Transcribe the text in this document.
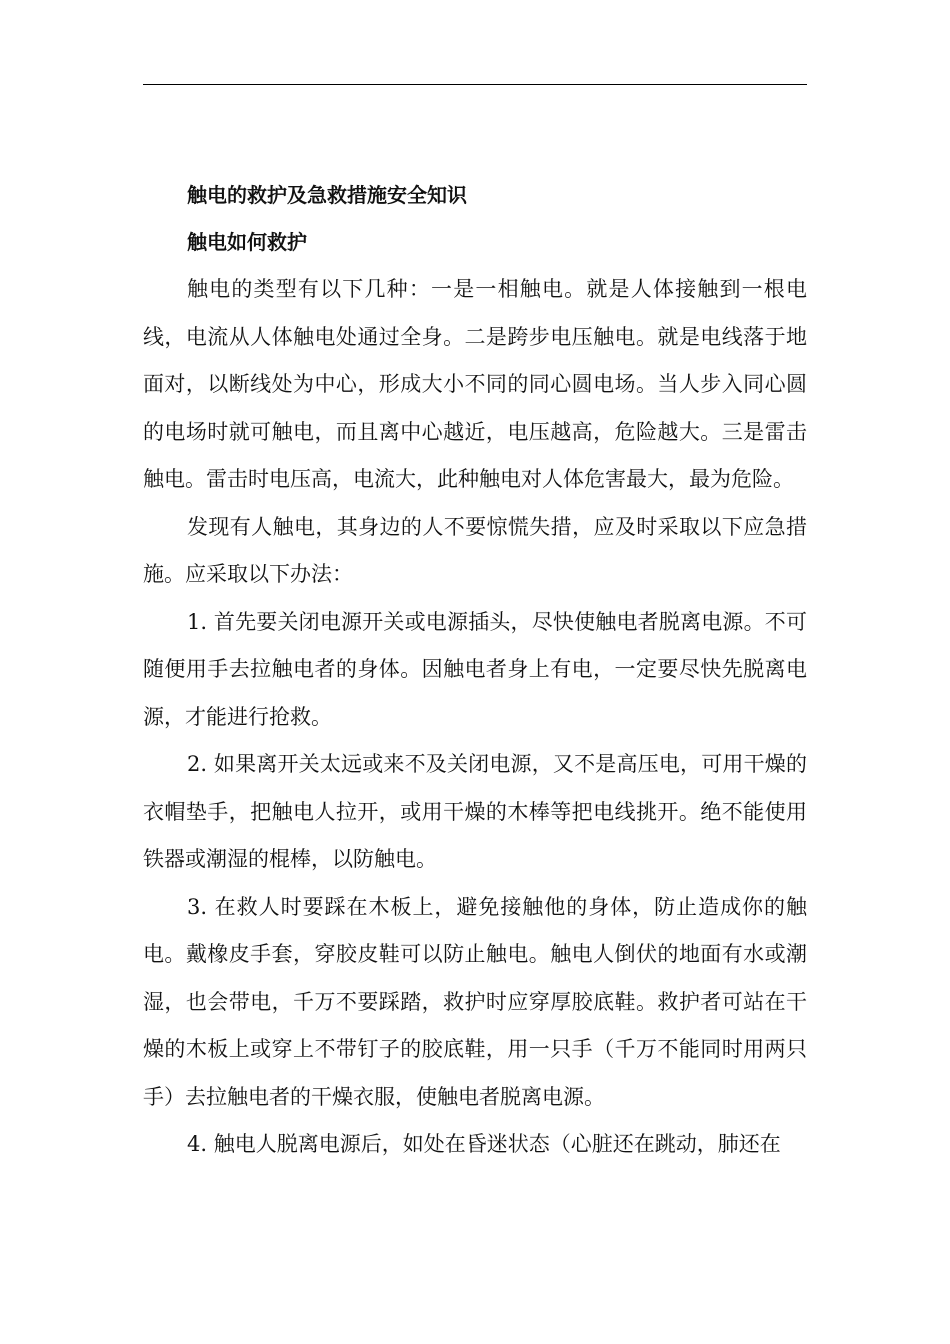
触电的救护及急救措施安全知识

触电如何救护

触电的类型有以下几种：一是一相触电。就是人体接触到一根电线，电流从人体触电处通过全身。二是跨步电压触电。就是电线落于地面对，以断线处为中心，形成大小不同的同心圆电场。当人步入同心圆的电场时就可触电，而且离中心越近，电压越高，危险越大。三是雷击触电。雷击时电压高，电流大，此种触电对人体危害最大，最为危险。

发现有人触电，其身边的人不要惊慌失措，应及时采取以下应急措施。应采取以下办法：

1. 首先要关闭电源开关或电源插头，尽快使触电者脱离电源。不可随便用手去拉触电者的身体。因触电者身上有电，一定要尽快先脱离电源，才能进行抢救。

2. 如果离开关太远或来不及关闭电源，又不是高压电，可用干燥的衣帽垫手，把触电人拉开，或用干燥的木棒等把电线挑开。绝不能使用铁器或潮湿的棍棒，以防触电。

3. 在救人时要踩在木板上，避免接触他的身体，防止造成你的触电。戴橡皮手套，穿胶皮鞋可以防止触电。触电人倒伏的地面有水或潮湿，也会带电，千万不要踩踏，救护时应穿厚胶底鞋。救护者可站在干燥的木板上或穿上不带钉子的胶底鞋，用一只手（千万不能同时用两只手）去拉触电者的干燥衣服，使触电者脱离电源。

4. 触电人脱离电源后，如处在昏迷状态（心脏还在跳动，肺还在
